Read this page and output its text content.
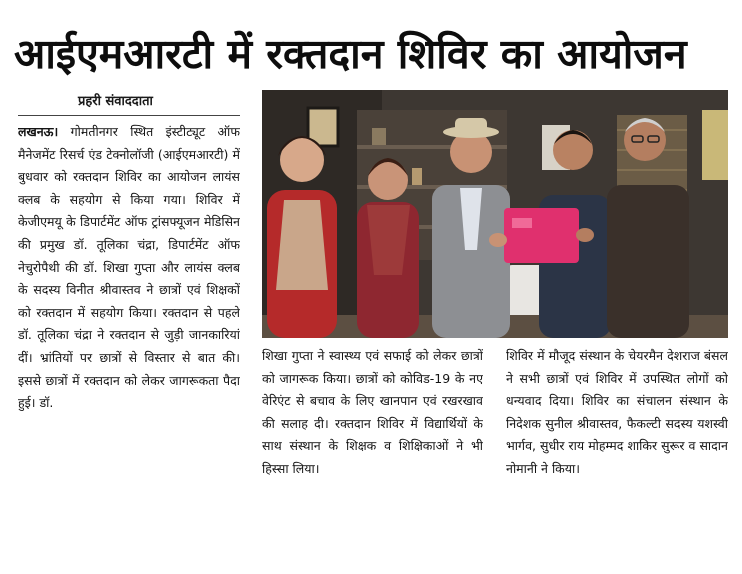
आईएमआरटी में रक्तदान शिविर का आयोजन
प्रहरी संवाददाता
लखनऊ। गोमतीनगर स्थित इंस्टीट्यूट ऑफ मैनेजमेंट रिसर्च एंड टेक्नोलॉजी (आईएमआरटी) में बुधवार को रक्तदान शिविर का आयोजन लायंस क्लब के सहयोग से किया गया। शिविर में केजीएमयू के डिपार्टमेंट ऑफ ट्रांसफ्यूजन मेडिसिन की प्रमुख डॉ. तूलिका चंद्रा, डिपार्टमेंट ऑफ नेचुरोपैथी की डॉ. शिखा गुप्ता और लायंस क्लब के सदस्य विनीत श्रीवास्तव ने छात्रों एवं शिक्षकों को रक्तदान में सहयोग किया। रक्तदान से पहले डॉ. तूलिका चंद्रा ने रक्तदान से जुड़ी जानकारियां दीं। भ्रांतियों पर छात्रों से विस्तार से बात की। इससे छात्रों में रक्तदान को लेकर जागरूकता पैदा हुई। डॉ.
शिखा गुप्ता ने स्वास्थ्य एवं सफाई को लेकर छात्रों को जागरूक किया। छात्रों को कोविड-19 के नए वेरिएंट से बचाव के लिए खानपान एवं रखरखाव की सलाह दी। रक्तदान शिविर में विद्यार्थियों के साथ संस्थान के शिक्षक व शिक्षिकाओं ने भी हिस्सा लिया।
शिविर में मौजूद संस्थान के चेयरमैन देशराज बंसल ने सभी छात्रों एवं शिविर में उपस्थित लोगों को धन्यवाद दिया। शिविर का संचालन संस्थान के निदेशक सुनील श्रीवास्तव, फैकल्टी सदस्य यशस्वी भार्गव, सुधीर राय मोहम्मद शाकिर सुरूर व सादान नोमानी ने किया।
